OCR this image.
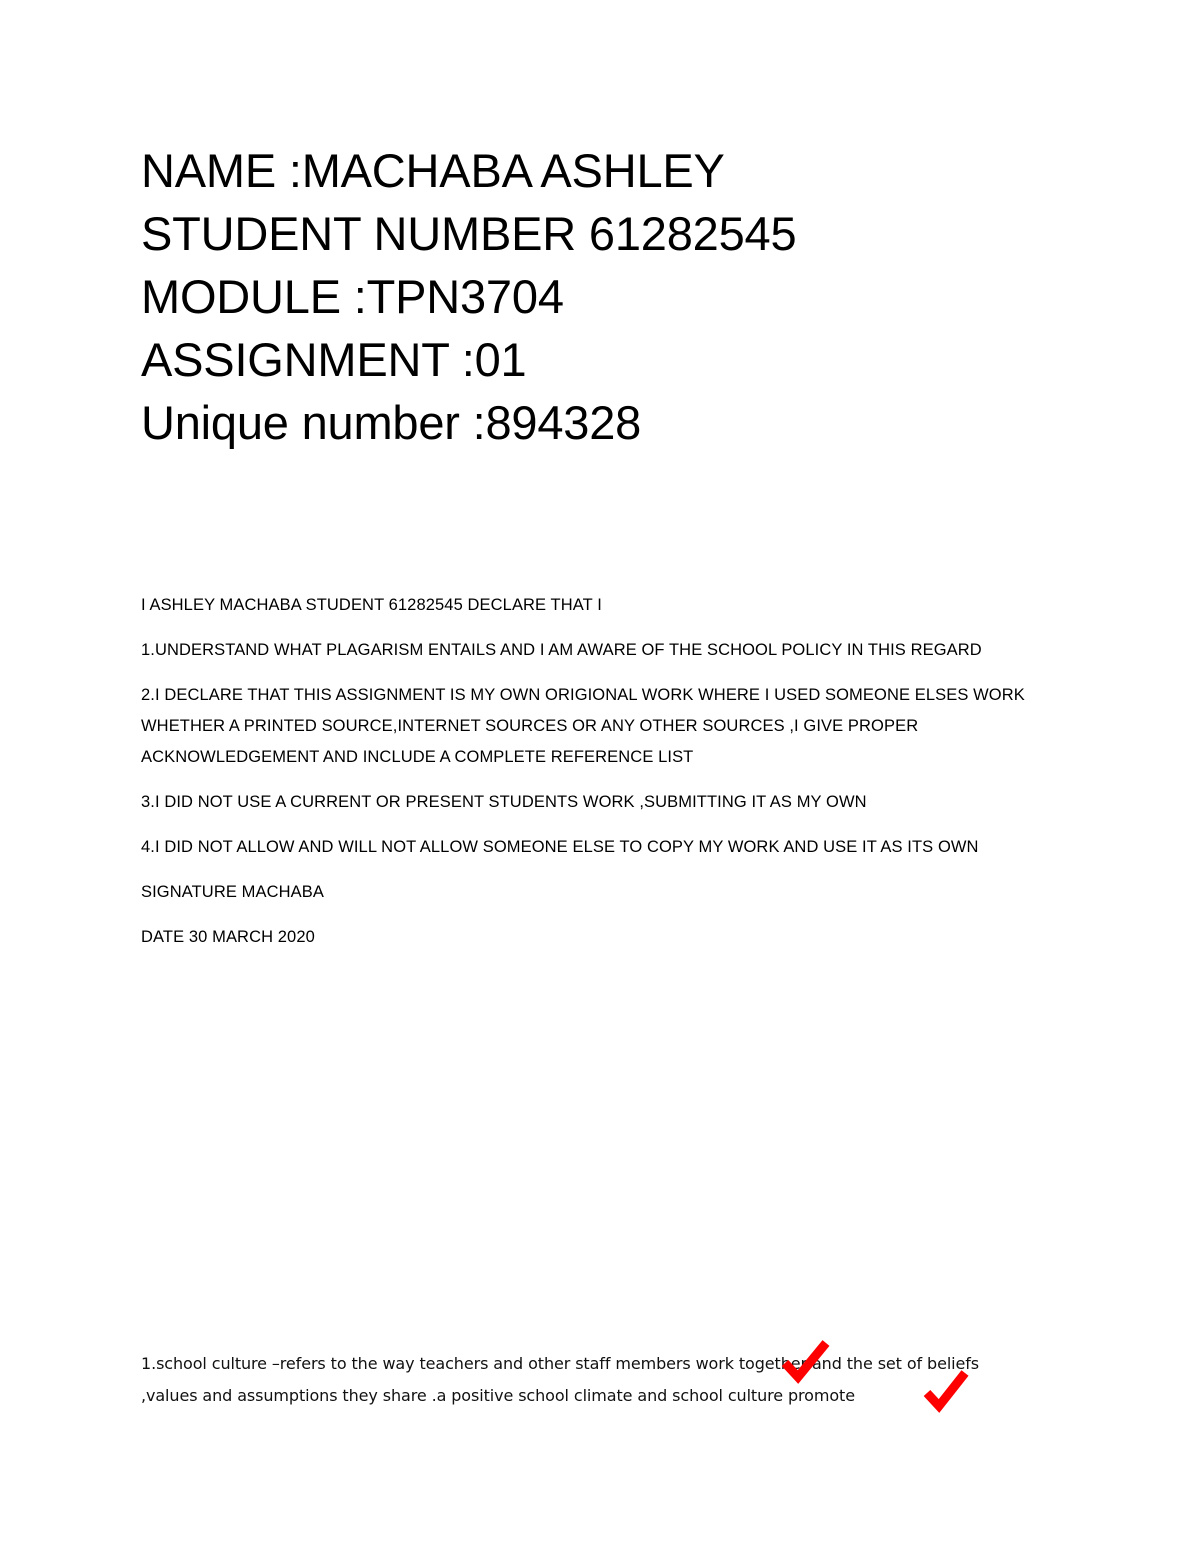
NAME :MACHABA ASHLEY
STUDENT NUMBER 61282545
MODULE :TPN3704
ASSIGNMENT :01
Unique number :894328

I ASHLEY MACHABA STUDENT 61282545 DECLARE THAT I

1.UNDERSTAND WHAT PLAGARISM ENTAILS AND I AM AWARE OF THE SCHOOL POLICY IN THIS REGARD

2.I DECLARE THAT THIS ASSIGNMENT IS MY OWN ORIGIONAL WORK WHERE I USED SOMEONE ELSES WORK WHETHER A PRINTED SOURCE,INTERNET SOURCES OR ANY OTHER SOURCES ,I GIVE PROPER ACKNOWLEDGEMENT AND INCLUDE A COMPLETE REFERENCE LIST

3.I DID NOT USE A CURRENT OR PRESENT STUDENTS WORK ,SUBMITTING IT AS MY OWN

4.I DID NOT ALLOW AND WILL NOT ALLOW SOMEONE ELSE TO COPY MY WORK AND USE IT AS ITS OWN

SIGNATURE MACHABA

DATE 30 MARCH 2020

1.school culture –refers to the way teachers and other staff members work together and the set of beliefs  ,values and assumptions they share .a positive school climate and school culture promote
